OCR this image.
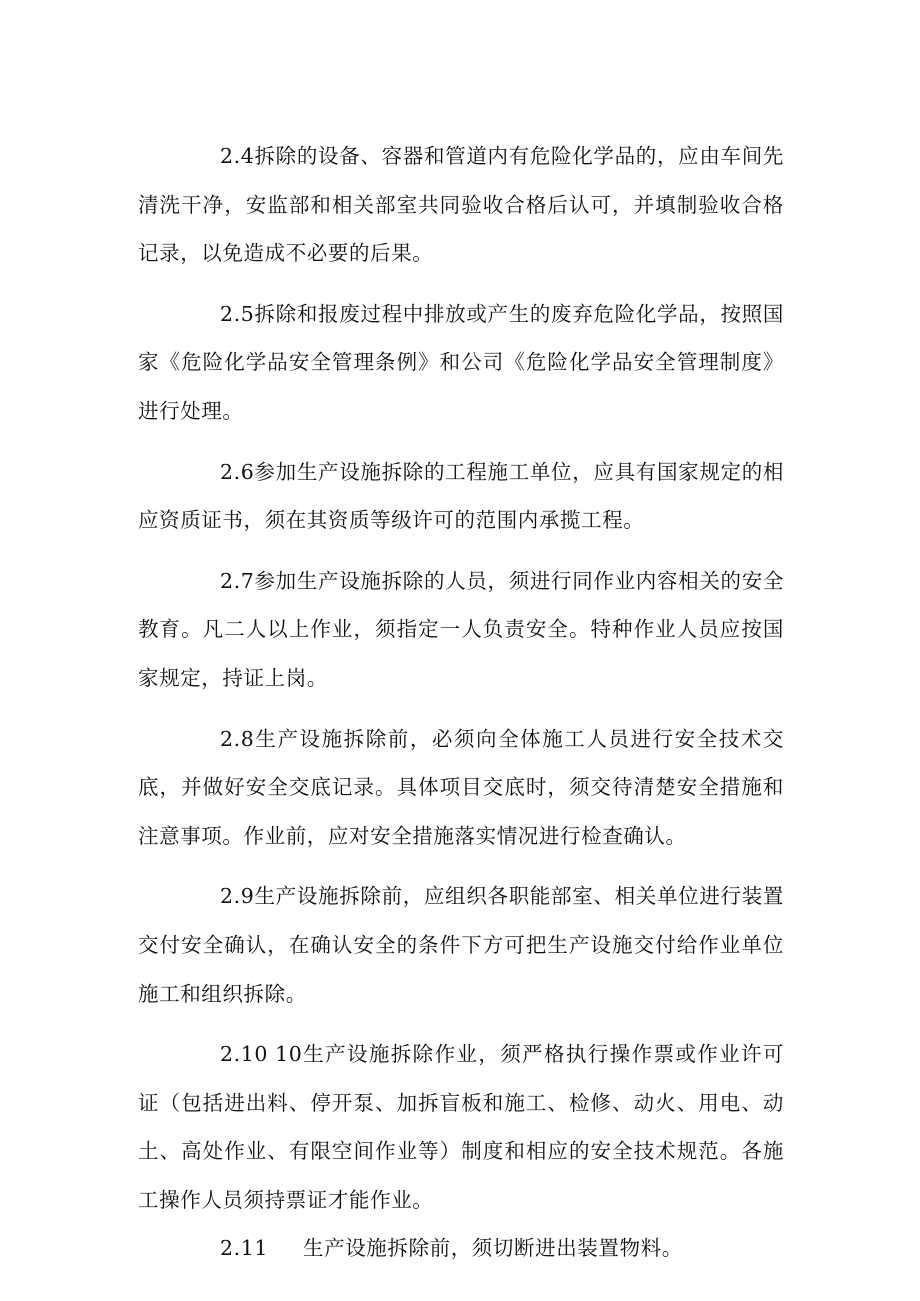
2.4拆除的设备、容器和管道内有危险化学品的，应由车间先清洗干净，安监部和相关部室共同验收合格后认可，并填制验收合格记录，以免造成不必要的后果。

2.5拆除和报废过程中排放或产生的废弃危险化学品，按照国家《危险化学品安全管理条例》和公司《危险化学品安全管理制度》进行处理。

2.6参加生产设施拆除的工程施工单位，应具有国家规定的相应资质证书，须在其资质等级许可的范围内承揽工程。

2.7参加生产设施拆除的人员，须进行同作业内容相关的安全教育。凡二人以上作业，须指定一人负责安全。特种作业人员应按国家规定，持证上岗。

2.8生产设施拆除前，必须向全体施工人员进行安全技术交底，并做好安全交底记录。具体项目交底时，须交待清楚安全措施和注意事项。作业前，应对安全措施落实情况进行检查确认。

2.9生产设施拆除前，应组织各职能部室、相关单位进行装置交付安全确认，在确认安全的条件下方可把生产设施交付给作业单位施工和组织拆除。

2.10 10生产设施拆除作业，须严格执行操作票或作业许可证（包括进出料、停开泵、加拆盲板和施工、检修、动火、用电、动土、高处作业、有限空间作业等）制度和相应的安全技术规范。各施工操作人员须持票证才能作业。

2.11 生产设施拆除前，须切断进出装置物料。
